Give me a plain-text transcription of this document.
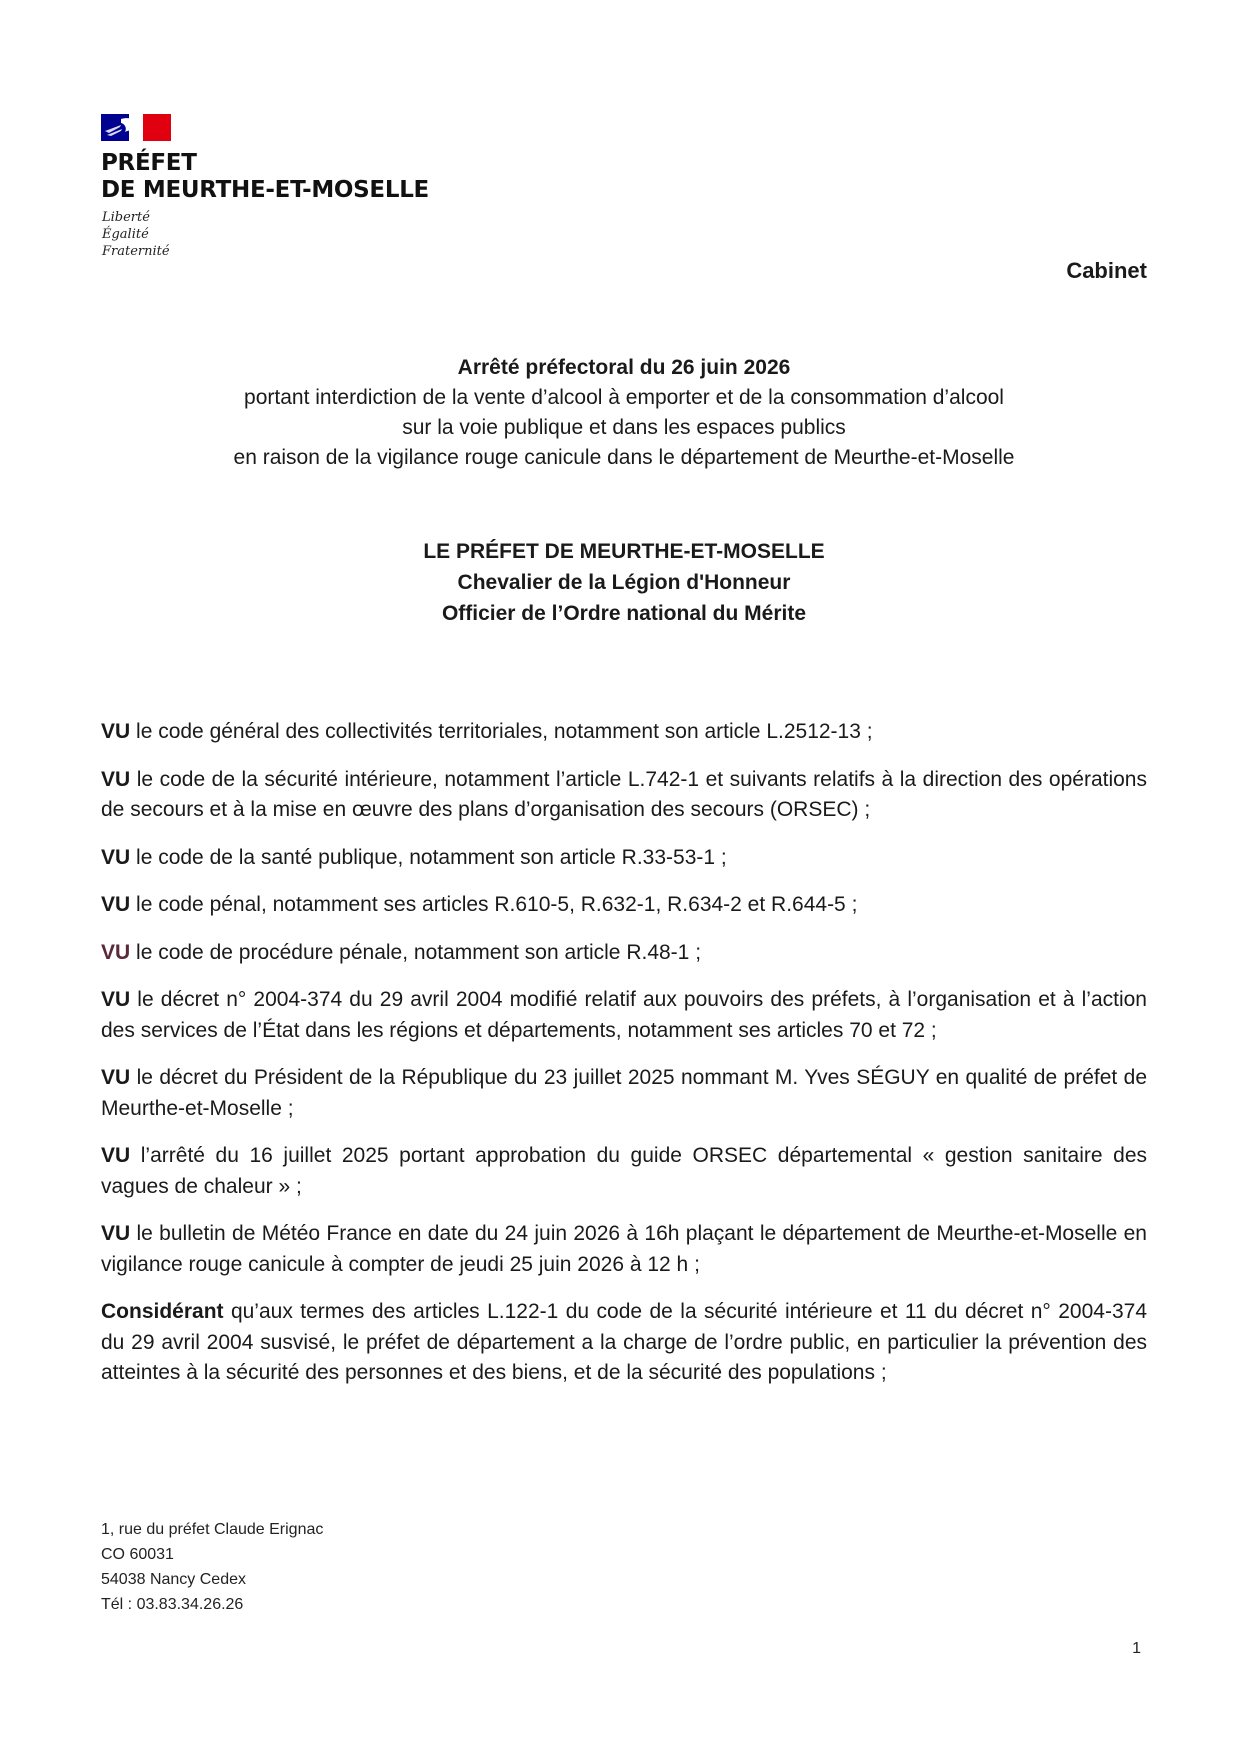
PRÉFET
DE MEURTHE-ET-MOSELLE
Liberté
Égalité
Fraternité
Cabinet
Arrêté préfectoral du 26 juin 2026
portant interdiction de la vente d’alcool à emporter et de la consommation d’alcool
sur la voie publique et dans les espaces publics
en raison de la vigilance rouge canicule dans le département de Meurthe-et-Moselle
LE PRÉFET DE MEURTHE-ET-MOSELLE
Chevalier de la Légion d'Honneur
Officier de l’Ordre national du Mérite

VU le code général des collectivités territoriales, notamment son article L.2512-13 ;

VU le code de la sécurité intérieure, notamment l’article L.742-1 et suivants relatifs à la direction des opérations de secours et à la mise en œuvre des plans d’organisation des secours (ORSEC) ;

VU le code de la santé publique, notamment son article R.33-53-1 ;

VU le code pénal, notamment ses articles R.610-5, R.632-1, R.634-2 et R.644-5 ;

VU le code de procédure pénale, notamment son article R.48-1 ;

VU le décret n° 2004-374 du 29 avril 2004 modifié relatif aux pouvoirs des préfets, à l’organisation et à l’action des services de l’État dans les régions et départements, notamment ses articles 70 et 72 ;

VU le décret du Président de la République du 23 juillet 2025 nommant M. Yves SÉGUY en qualité de préfet de Meurthe-et-Moselle ;

VU l’arrêté du 16 juillet 2025 portant approbation du guide ORSEC départemental « gestion sanitaire des vagues de chaleur » ;

VU le bulletin de Météo France en date du 24 juin 2026 à 16h plaçant le département de Meurthe-et-Moselle en vigilance rouge canicule à compter de jeudi 25 juin 2026 à 12 h ;

Considérant qu’aux termes des articles L.122-1 du code de la sécurité intérieure et 11 du décret n° 2004-374 du 29 avril 2004 susvisé, le préfet de département a la charge de l’ordre public, en particulier la prévention des atteintes à la sécurité des personnes et des biens, et de la sécurité des populations ;

1, rue du préfet Claude Erignac
CO 60031
54038 Nancy Cedex
Tél : 03.83.34.26.26
1
